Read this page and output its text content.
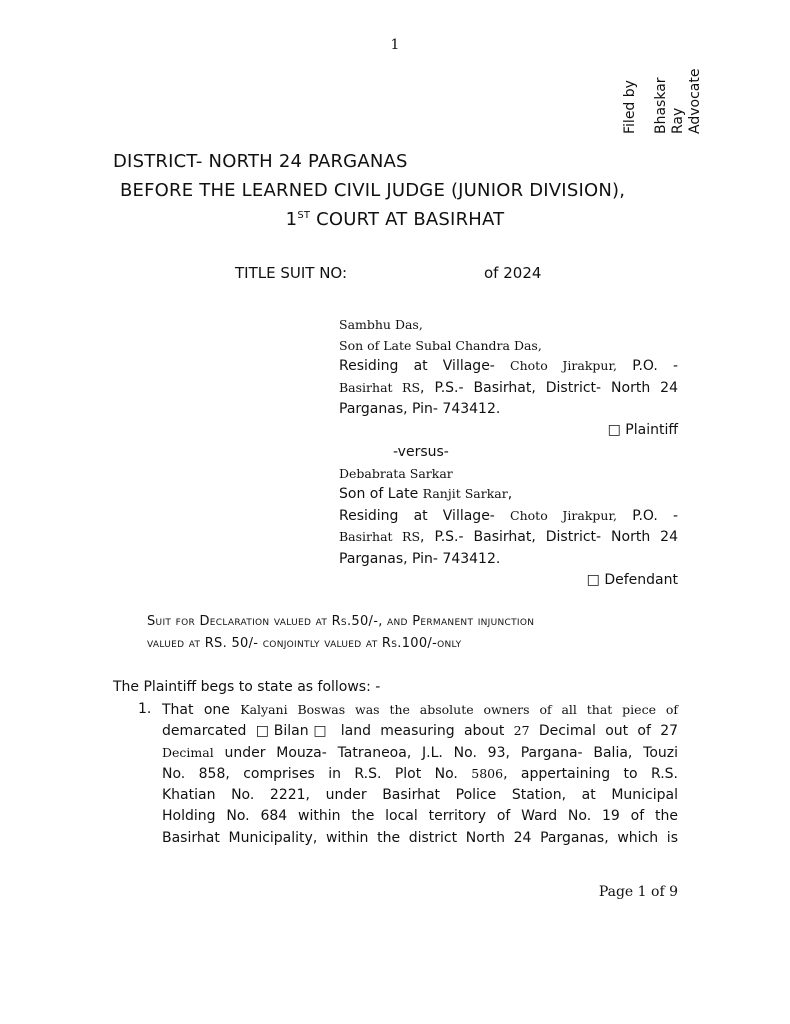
1
Filed by Bhaskar Ray Advocate
DISTRICT- NORTH 24 PARGANAS
BEFORE THE LEARNED CIVIL JUDGE (JUNIOR DIVISION),
1ST COURT AT BASIRHAT
TITLE SUIT NO:	of 2024
Sambhu Das,
Son of Late Subal Chandra Das,
Residing at Village- Choto Jirakpur, P.O. -
Basirhat RS, P.S.- Basirhat, District- North 24
Parganas, Pin- 743412.
□ Plaintiff
-versus-
Debabrata Sarkar
Son of Late Ranjit Sarkar,
Residing at Village- Choto Jirakpur, P.O. -
Basirhat RS, P.S.- Basirhat, District- North 24
Parganas, Pin- 743412.
□ Defendant
Suit for Declaration valued at Rs.50/-, and Permanent injunction
valued at RS. 50/- conjointly valued at Rs.100/-only
The Plaintiff begs to state as follows: -
1. That one Kalyani Boswas was the absolute owners of all that piece of
demarcated □Bilan□ land measuring about 27 Decimal out of 27
Decimal under Mouza- Tatraneoa, J.L. No. 93, Pargana- Balia, Touzi
No. 858, comprises in R.S. Plot No. 5806, appertaining to R.S.
Khatian No. 2221, under Basirhat Police Station, at Municipal
Holding No. 684 within the local territory of Ward No. 19 of the
Basirhat Municipality, within the district North 24 Parganas, which is
Page 1 of 9
